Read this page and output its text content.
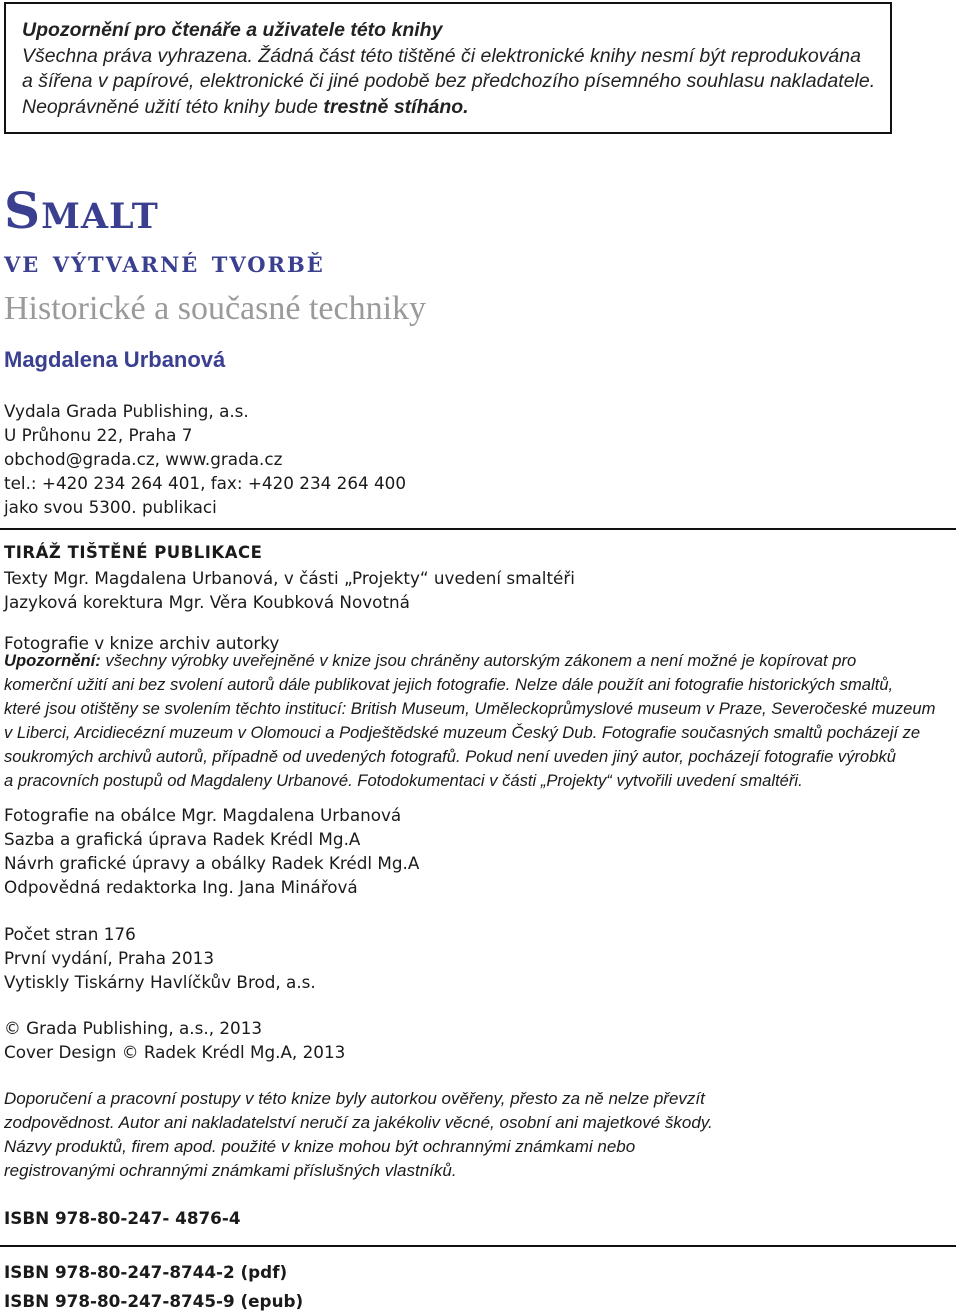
Upozornění pro čtenáře a uživatele této knihy

Všechna práva vyhrazena. Žádná část této tištěné či elektronické knihy nesmí být reprodukována

a šířena v papírové, elektronické či jiné podobě bez předchozího písemného souhlasu nakladatele.

Neoprávněné užití této knihy bude trestně stíháno.

Smalt

ve výtvarné tvorbě

Historické a současné techniky

Magdalena Urbanová

Vydala Grada Publishing, a.s.
U Průhonu 22, Praha 7
obchod@grada.cz, www.grada.cz
tel.: +420 234 264 401, fax: +420 234 264 400
jako svou 5300. publikaci

TIRÁŽ TIŠTĚNÉ PUBLIKACE

Texty Mgr. Magdalena Urbanová, v části „Projekty“ uvedení smaltéři
Jazyková korektura Mgr. Věra Koubková Novotná
Fotografie v knize archiv autorky

Upozornění: všechny výrobky uveřejněné v knize jsou chráněny autorským zákonem a není možné je kopírovat pro
komerční užití ani bez svolení autorů dále publikovat jejich fotografie. Nelze dále použít ani fotografie historických smaltů,
které jsou otištěny se svolením těchto institucí: British Museum, Uměleckoprůmyslové museum v Praze, Severočeské muzeum
v Liberci, Arcidiecézní muzeum v Olomouci a Podještědské muzeum Český Dub. Fotografie současných smaltů pocházejí ze
soukromých archivů autorů, případně od uvedených fotografů. Pokud není uveden jiný autor, pocházejí fotografie výrobků
a pracovních postupů od Magdaleny Urbanové. Fotodokumentaci v části „Projekty“ vytvořili uvedení smaltéři.

Fotografie na obálce Mgr. Magdalena Urbanová
Sazba a grafická úprava Radek Krédl Mg.A
Návrh grafické úpravy a obálky Radek Krédl Mg.A
Odpovědná redaktorka Ing. Jana Minářová
Počet stran 176
První vydání, Praha 2013
Vytiskly Tiskárny Havlíčkův Brod, a.s.
© Grada Publishing, a.s., 2013
Cover Design © Radek Krédl Mg.A, 2013

Doporučení a pracovní postupy v této knize byly autorkou ověřeny, přesto za ně nelze převzít
zodpovědnost. Autor ani nakladatelství neručí za jakékoliv věcné, osobní ani majetkové škody.
Názvy produktů, firem apod. použité v knize mohou být ochrannými známkami nebo
registrovanými ochrannými známkami příslušných vlastníků.

ISBN 978-80-247- 4876-4

ISBN 978-80-247-8744-2 (pdf)

ISBN 978-80-247-8745-9 (epub)
